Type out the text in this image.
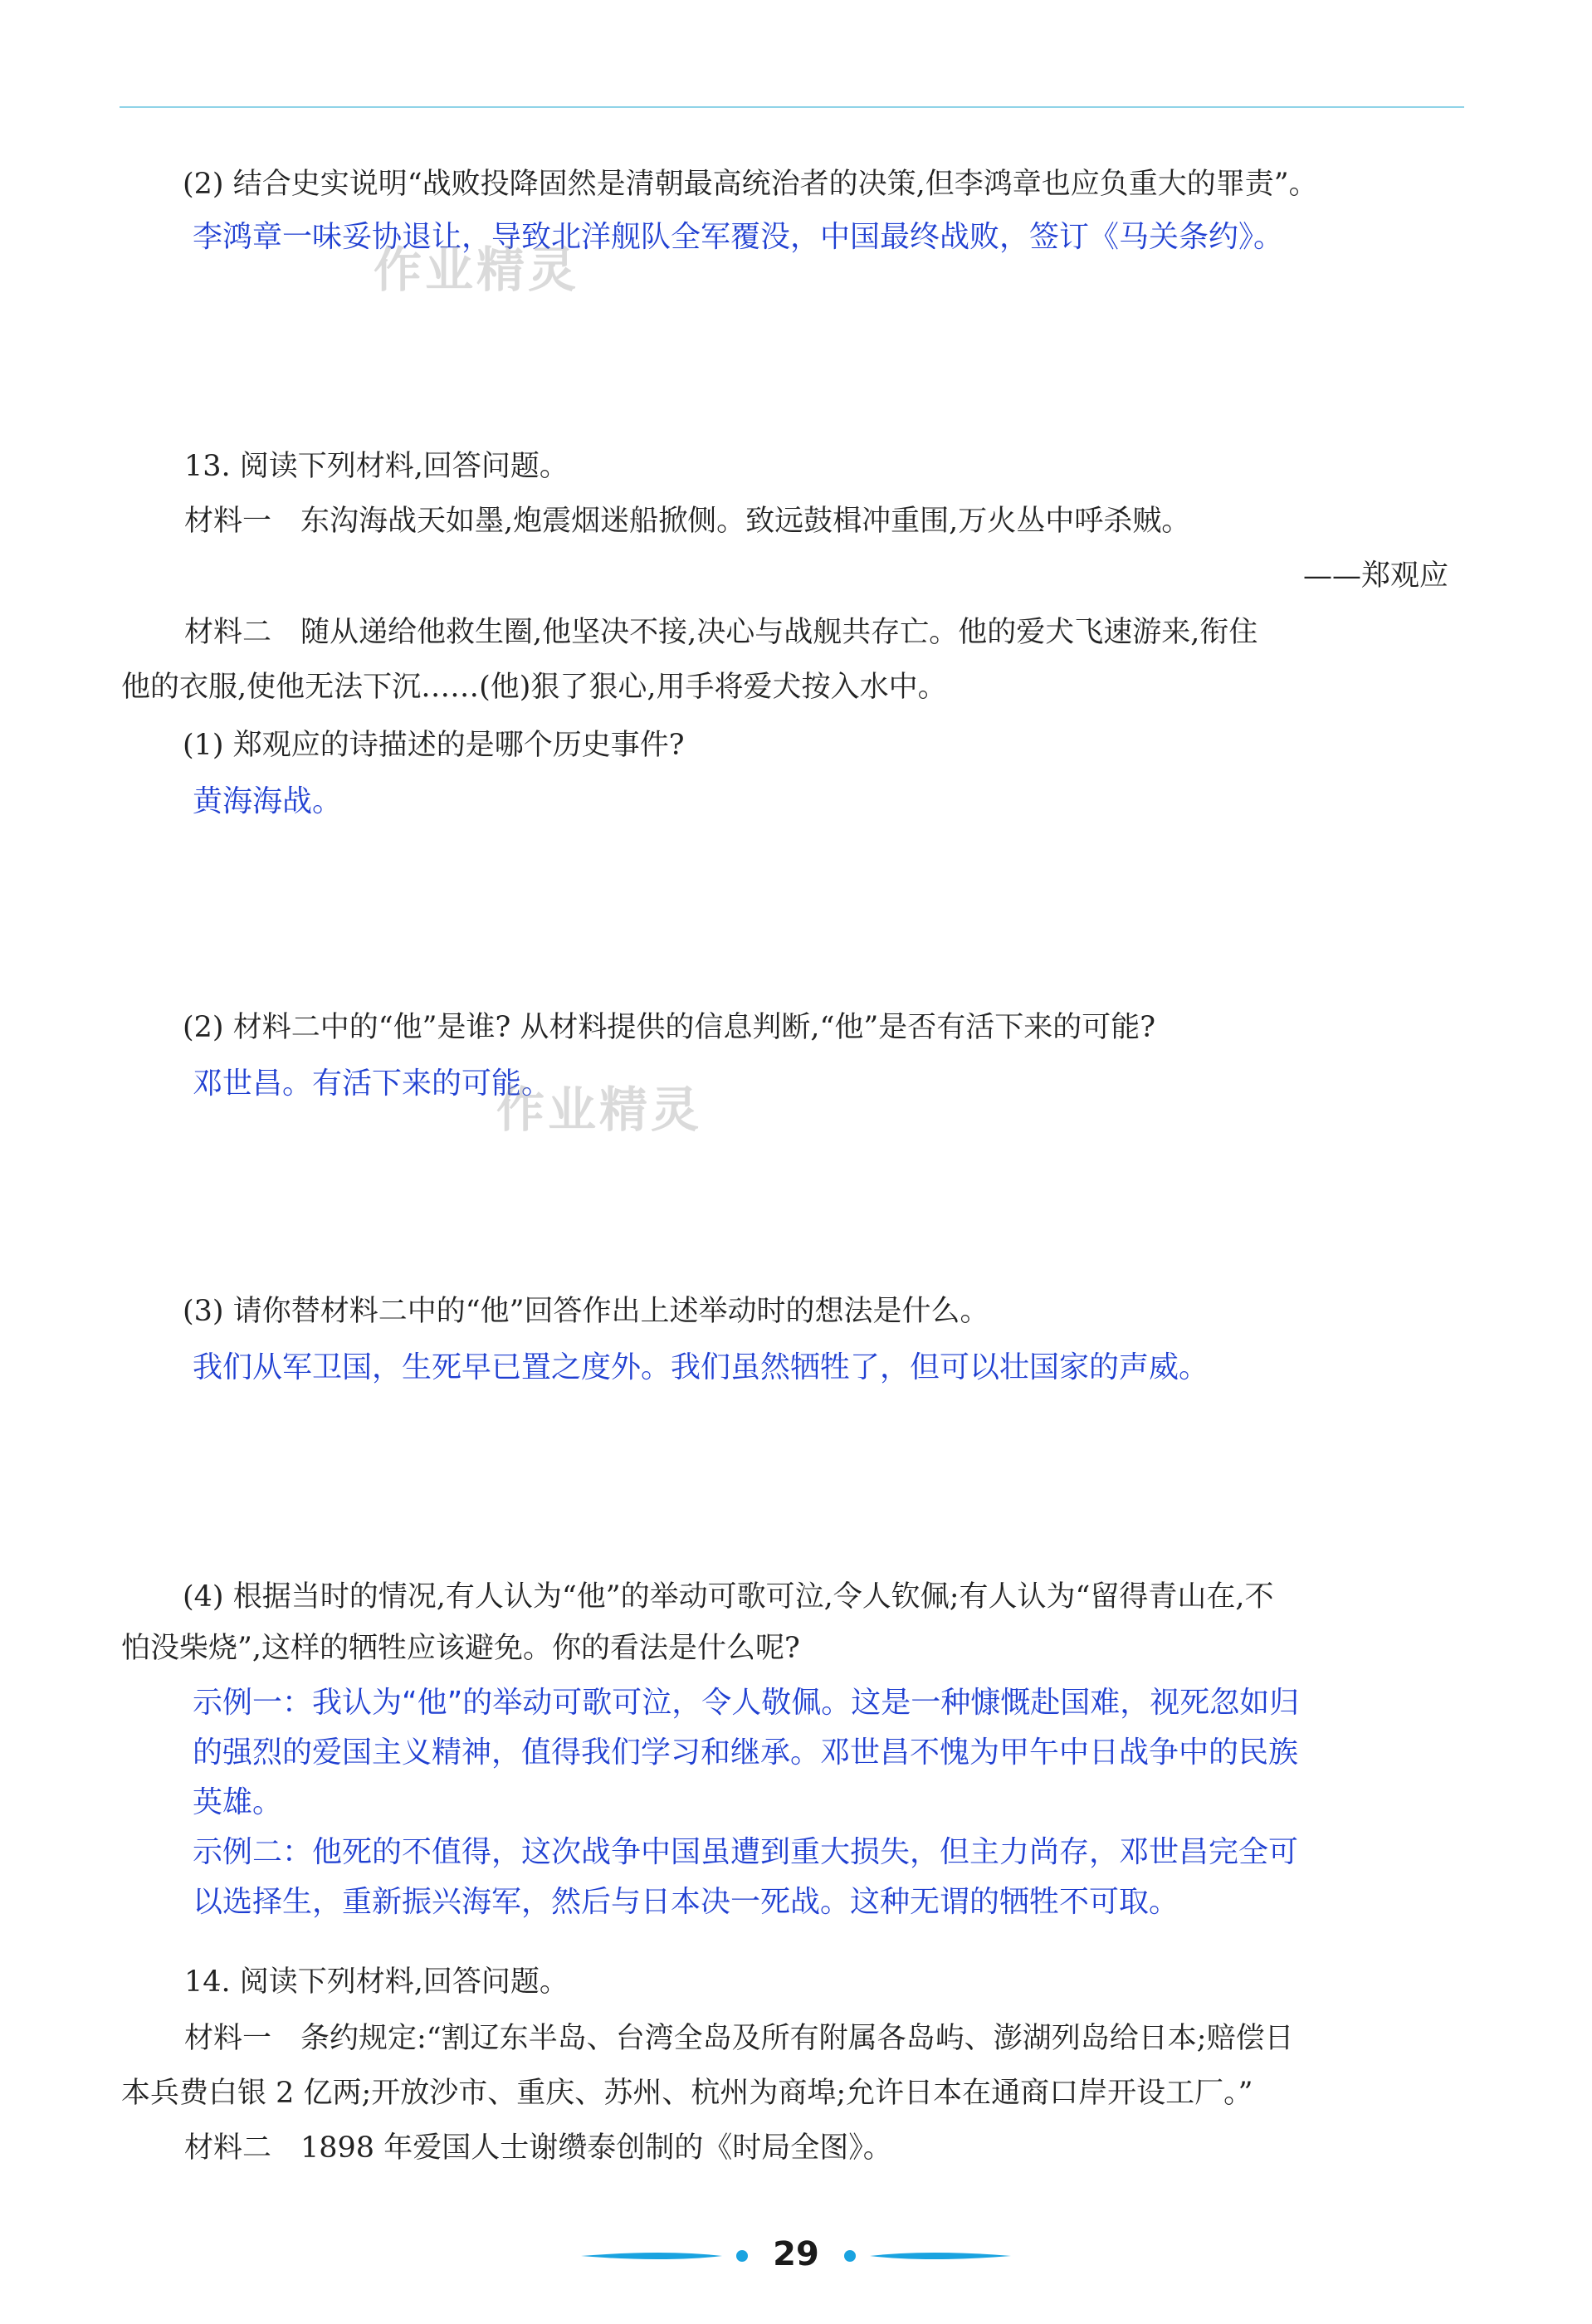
(2) 结合史实说明“战败投降固然是清朝最高统治者的决策,但李鸿章也应负重大的罪责”。
李鸿章一味妥协退让，导致北洋舰队全军覆没，中国最终战败，签订《马关条约》。
作业精灵
13. 阅读下列材料,回答问题。
材料一　东沟海战天如墨,炮震烟迷船掀侧。致远鼓楫冲重围,万火丛中呼杀贼。
——郑观应
材料二　随从递给他救生圈,他坚决不接,决心与战舰共存亡。他的爱犬飞速游来,衔住
他的衣服,使他无法下沉……(他)狠了狠心,用手将爱犬按入水中。
(1) 郑观应的诗描述的是哪个历史事件?
黄海海战。
(2) 材料二中的“他”是谁? 从材料提供的信息判断,“他”是否有活下来的可能?
邓世昌。有活下来的可能。
作业精灵
(3) 请你替材料二中的“他”回答作出上述举动时的想法是什么。
我们从军卫国，生死早已置之度外。我们虽然牺牲了，但可以壮国家的声威。
(4) 根据当时的情况,有人认为“他”的举动可歌可泣,令人钦佩;有人认为“留得青山在,不
怕没柴烧”,这样的牺牲应该避免。你的看法是什么呢?
示例一：我认为“他”的举动可歌可泣，令人敬佩。这是一种慷慨赴国难，视死忽如归
的强烈的爱国主义精神，值得我们学习和继承。邓世昌不愧为甲午中日战争中的民族
英雄。
示例二：他死的不值得，这次战争中国虽遭到重大损失，但主力尚存，邓世昌完全可
以选择生，重新振兴海军，然后与日本决一死战。这种无谓的牺牲不可取。
14. 阅读下列材料,回答问题。
材料一　条约规定:“割辽东半岛、台湾全岛及所有附属各岛屿、澎湖列岛给日本;赔偿日
本兵费白银 2 亿两;开放沙市、重庆、苏州、杭州为商埠;允许日本在通商口岸开设工厂。”
材料二　1898 年爱国人士谢缵泰创制的《时局全图》。
29
